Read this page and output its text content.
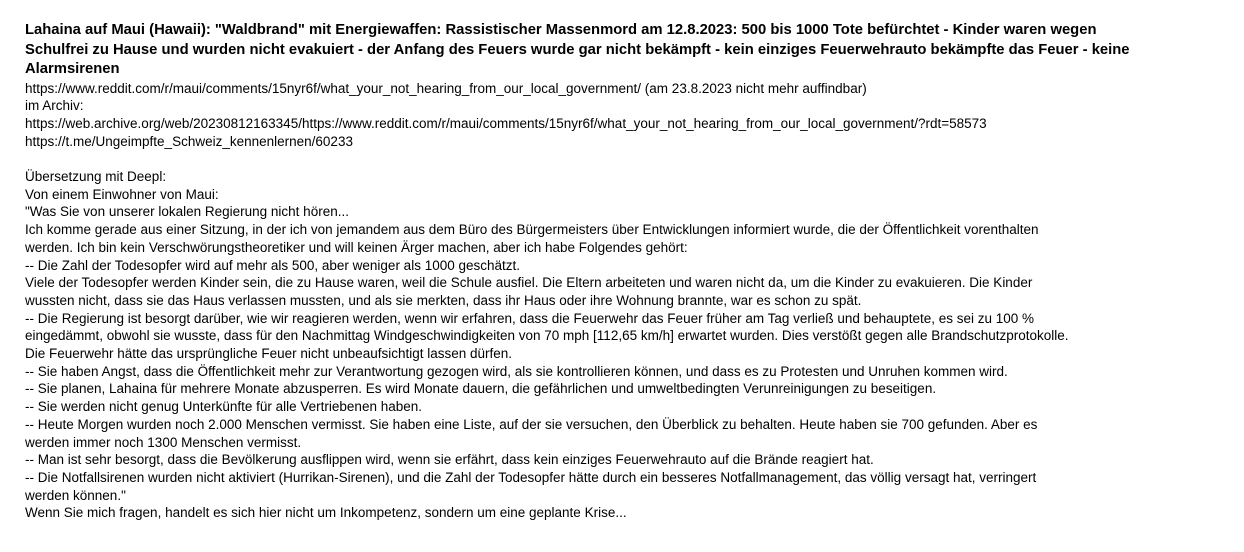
Lahaina auf Maui (Hawaii): "Waldbrand" mit Energiewaffen: Rassistischer Massenmord am 12.8.2023: 500 bis 1000 Tote befürchtet - Kinder waren wegen
Schulfrei zu Hause und wurden nicht evakuiert - der Anfang des Feuers wurde gar nicht bekämpft - kein einziges Feuerwehrauto bekämpfte das Feuer - keine
Alarmsirenen
https://www.reddit.com/r/maui/comments/15nyr6f/what_your_not_hearing_from_our_local_government/ (am 23.8.2023 nicht mehr auffindbar)
im Archiv:
https://web.archive.org/web/20230812163345/https://www.reddit.com/r/maui/comments/15nyr6f/what_your_not_hearing_from_our_local_government/?rdt=58573
https://t.me/Ungeimpfte_Schweiz_kennenlernen/60233
Übersetzung mit Deepl:
Von einem Einwohner von Maui:
"Was Sie von unserer lokalen Regierung nicht hören...
Ich komme gerade aus einer Sitzung, in der ich von jemandem aus dem Büro des Bürgermeisters über Entwicklungen informiert wurde, die der Öffentlichkeit vorenthalten
werden. Ich bin kein Verschwörungstheoretiker und will keinen Ärger machen, aber ich habe Folgendes gehört:
-- Die Zahl der Todesopfer wird auf mehr als 500, aber weniger als 1000 geschätzt.
Viele der Todesopfer werden Kinder sein, die zu Hause waren, weil die Schule ausfiel. Die Eltern arbeiteten und waren nicht da, um die Kinder zu evakuieren. Die Kinder
wussten nicht, dass sie das Haus verlassen mussten, und als sie merkten, dass ihr Haus oder ihre Wohnung brannte, war es schon zu spät.
-- Die Regierung ist besorgt darüber, wie wir reagieren werden, wenn wir erfahren, dass die Feuerwehr das Feuer früher am Tag verließ und behauptete, es sei zu 100 %
eingedämmt, obwohl sie wusste, dass für den Nachmittag Windgeschwindigkeiten von 70 mph [112,65 km/h] erwartet wurden. Dies verstößt gegen alle Brandschutzprotokolle.
Die Feuerwehr hätte das ursprüngliche Feuer nicht unbeaufsichtigt lassen dürfen.
-- Sie haben Angst, dass die Öffentlichkeit mehr zur Verantwortung gezogen wird, als sie kontrollieren können, und dass es zu Protesten und Unruhen kommen wird.
-- Sie planen, Lahaina für mehrere Monate abzusperren. Es wird Monate dauern, die gefährlichen und umweltbedingten Verunreinigungen zu beseitigen.
-- Sie werden nicht genug Unterkünfte für alle Vertriebenen haben.
-- Heute Morgen wurden noch 2.000 Menschen vermisst. Sie haben eine Liste, auf der sie versuchen, den Überblick zu behalten. Heute haben sie 700 gefunden. Aber es
werden immer noch 1300 Menschen vermisst.
-- Man ist sehr besorgt, dass die Bevölkerung ausflippen wird, wenn sie erfährt, dass kein einziges Feuerwehrauto auf die Brände reagiert hat.
-- Die Notfallsirenen wurden nicht aktiviert (Hurrikan-Sirenen), und die Zahl der Todesopfer hätte durch ein besseres Notfallmanagement, das völlig versagt hat, verringert
werden können."
Wenn Sie mich fragen, handelt es sich hier nicht um Inkompetenz, sondern um eine geplante Krise...
